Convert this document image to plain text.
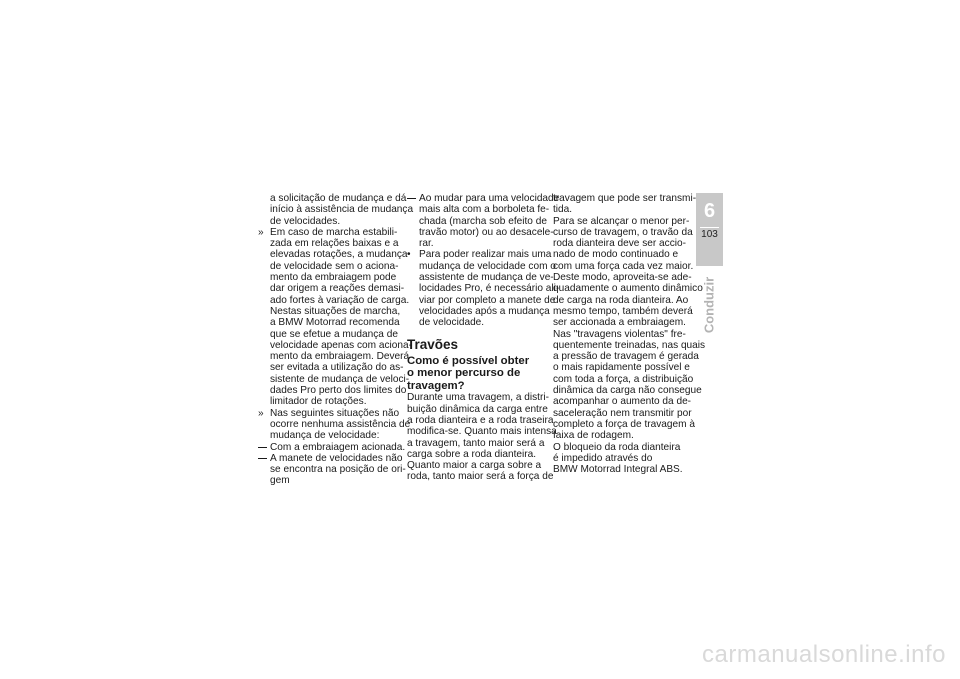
a solicitação de mudança e dá
início à assistência de mudança
de velocidades.
» Em caso de marcha estabili-
zada em relações baixas e a
elevadas rotações, a mudança
de velocidade sem o aciona-
mento da embraiagem pode
dar origem a reações demasi-
ado fortes à variação de carga.
Nestas situações de marcha,
a BMW Motorrad recomenda
que se efetue a mudança de
velocidade apenas com aciona-
mento da embraiagem. Deverá
ser evitada a utilização do as-
sistente de mudança de veloci-
dades Pro perto dos limites do
limitador de rotações.
» Nas seguintes situações não
ocorre nenhuma assistência de
mudança de velocidade:
Com a embraiagem acionada.
A manete de velocidades não
se encontra na posição de ori-
gem
Ao mudar para uma velocidade
mais alta com a borboleta fe-
chada (marcha sob efeito de
travão motor) ou ao desacele-
rar.
• Para poder realizar mais uma
mudança de velocidade com o
assistente de mudança de ve-
locidades Pro, é necessário ali-
viar por completo a manete de
velocidades após a mudança
de velocidade.
Travões
Como é possível obter
o menor percurso de
travagem?
Durante uma travagem, a distri-
buição dinâmica da carga entre
a roda dianteira e a roda traseira
modifica-se. Quanto mais intensa
a travagem, tanto maior será a
carga sobre a roda dianteira.
Quanto maior a carga sobre a
roda, tanto maior será a força de
travagem que pode ser transmi-
tida.
Para se alcançar o menor per-
curso de travagem, o travão da
roda dianteira deve ser accio-
nado de modo continuado e
com uma força cada vez maior.
Deste modo, aproveita-se ade-
quadamente o aumento dinâmico
de carga na roda dianteira. Ao
mesmo tempo, também deverá
ser accionada a embraiagem.
Nas "travagens violentas" fre-
quentemente treinadas, nas quais
a pressão de travagem é gerada
o mais rapidamente possível e
com toda a força, a distribuição
dinâmica da carga não consegue
acompanhar o aumento da de-
saceleração nem transmitir por
completo a força de travagem à
faixa de rodagem.
O bloqueio da roda dianteira
é impedido através do
BMW Motorrad Integral ABS.
6
103
Conduzir
carmanualsonline.info
